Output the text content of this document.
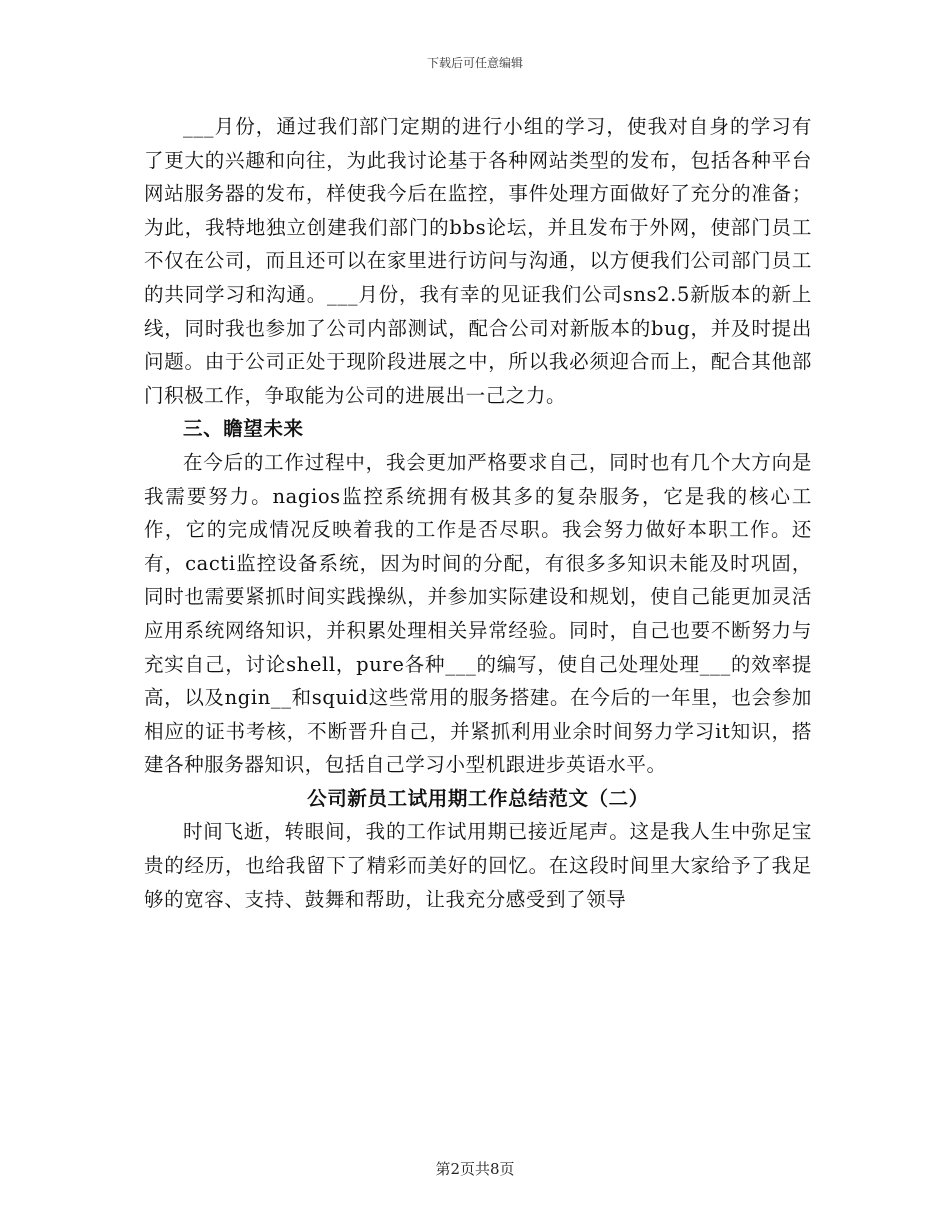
下载后可任意编辑

___月份，通过我们部门定期的进行小组的学习，使我对自身的学习有了更大的兴趣和向往，为此我讨论基于各种网站类型的发布，包括各种平台网站服务器的发布，样使我今后在监控，事件处理方面做好了充分的准备；为此，我特地独立创建我们部门的bbs论坛，并且发布于外网，使部门员工不仅在公司，而且还可以在家里进行访问与沟通，以方便我们公司部门员工的共同学习和沟通。___月份，我有幸的见证我们公司sns2.5新版本的新上线，同时我也参加了公司内部测试，配合公司对新版本的bug，并及时提出问题。由于公司正处于现阶段进展之中，所以我必须迎合而上，配合其他部门积极工作，争取能为公司的进展出一己之力。

三、瞻望未来

在今后的工作过程中，我会更加严格要求自己，同时也有几个大方向是我需要努力。nagios监控系统拥有极其多的复杂服务，它是我的核心工作，它的完成情况反映着我的工作是否尽职。我会努力做好本职工作。还有，cacti监控设备系统，因为时间的分配，有很多多知识未能及时巩固，同时也需要紧抓时间实践操纵，并参加实际建设和规划，使自己能更加灵活应用系统网络知识，并积累处理相关异常经验。同时，自己也要不断努力与充实自己，讨论shell，pure各种___的编写，使自己处理处理___的效率提高，以及ngin__和squid这些常用的服务搭建。在今后的一年里，也会参加相应的证书考核，不断晋升自己，并紧抓利用业余时间努力学习it知识，搭建各种服务器知识，包括自己学习小型机跟进步英语水平。

公司新员工试用期工作总结范文（二）

时间飞逝，转眼间，我的工作试用期已接近尾声。这是我人生中弥足宝贵的经历，也给我留下了精彩而美好的回忆。在这段时间里大家给予了我足够的宽容、支持、鼓舞和帮助，让我充分感受到了领导

第2页共8页
